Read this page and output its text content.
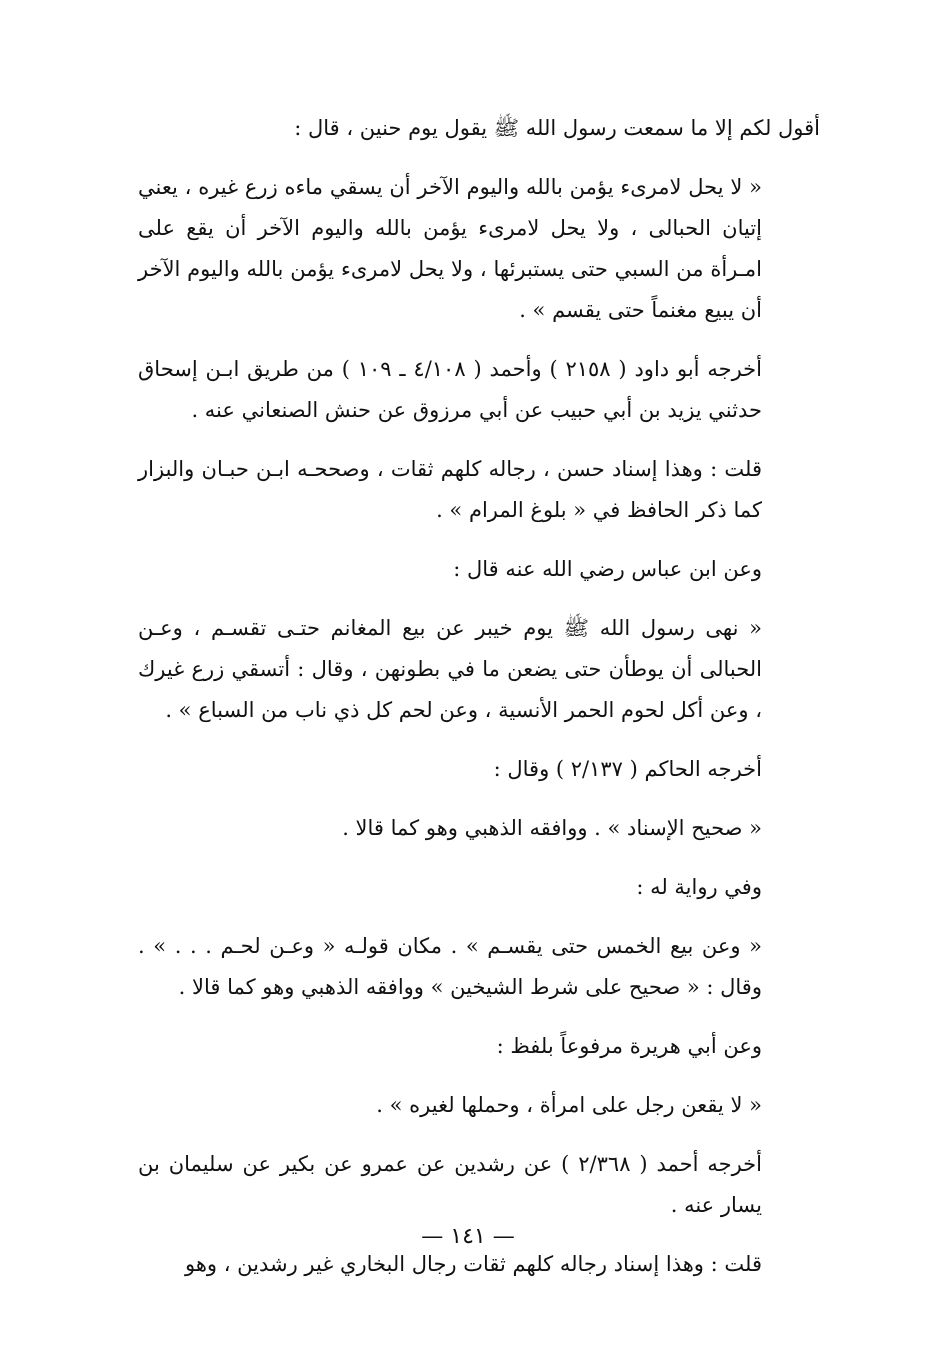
أقول لكم إلا ما سمعت رسول الله ﷺ يقول يوم حنين ، قال :

« لا يحل لامرىء يؤمن بالله واليوم الآخر أن يسقي ماءه زرع غيره ، يعني إتيان الحبالى ، ولا يحل لامرىء يؤمن بالله واليوم الآخر أن يقع على امـرأة من السبي حتى يستبرئها ، ولا يحل لامرىء يؤمن بالله واليوم الآخر أن يبيع مغنماً حتى يقسم » .

أخرجه أبو داود ( ٢١٥٨ ) وأحمد ( ٤/١٠٨ ـ ١٠٩ ) من طريق ابـن إسحاق حدثني يزيد بن أبي حبيب عن أبي مرزوق عن حنش الصنعاني عنه .

قلت : وهذا إسناد حسن ، رجاله كلهم ثقات ، وصححـه ابـن حبـان والبزار كما ذكر الحافظ في « بلوغ المرام » .

وعن ابن عباس رضي الله عنه قال :

« نهى رسول الله ﷺ يوم خيبر عن بيع المغانم حتـى تقسـم ، وعـن الحبالى أن يوطأن حتى يضعن ما في بطونهن ، وقال : أتسقي زرع غيرك ، وعن أكل لحوم الحمر الأنسية ، وعن لحم كل ذي ناب من السباع » .

أخرجه الحاكم ( ٢/١٣٧ ) وقال :

« صحيح الإسناد » . ووافقه الذهبي وهو كما قالا .

وفي رواية له :

« وعن بيع الخمس حتى يقسـم » . مكان قولـه « وعـن لحـم . . . » . وقال : « صحيح على شرط الشيخين » ووافقه الذهبي وهو كما قالا .

وعن أبي هريرة مرفوعاً بلفظ :

« لا يقعن رجل على امرأة ، وحملها لغيره » .

أخرجه أحمد ( ٢/٣٦٨ ) عن رشدين عن عمرو عن بكير عن سليمان بن يسار عنه .

قلت : وهذا إسناد رجاله كلهم ثقات رجال البخاري غير رشدين ، وهو

— ١٤١ —
